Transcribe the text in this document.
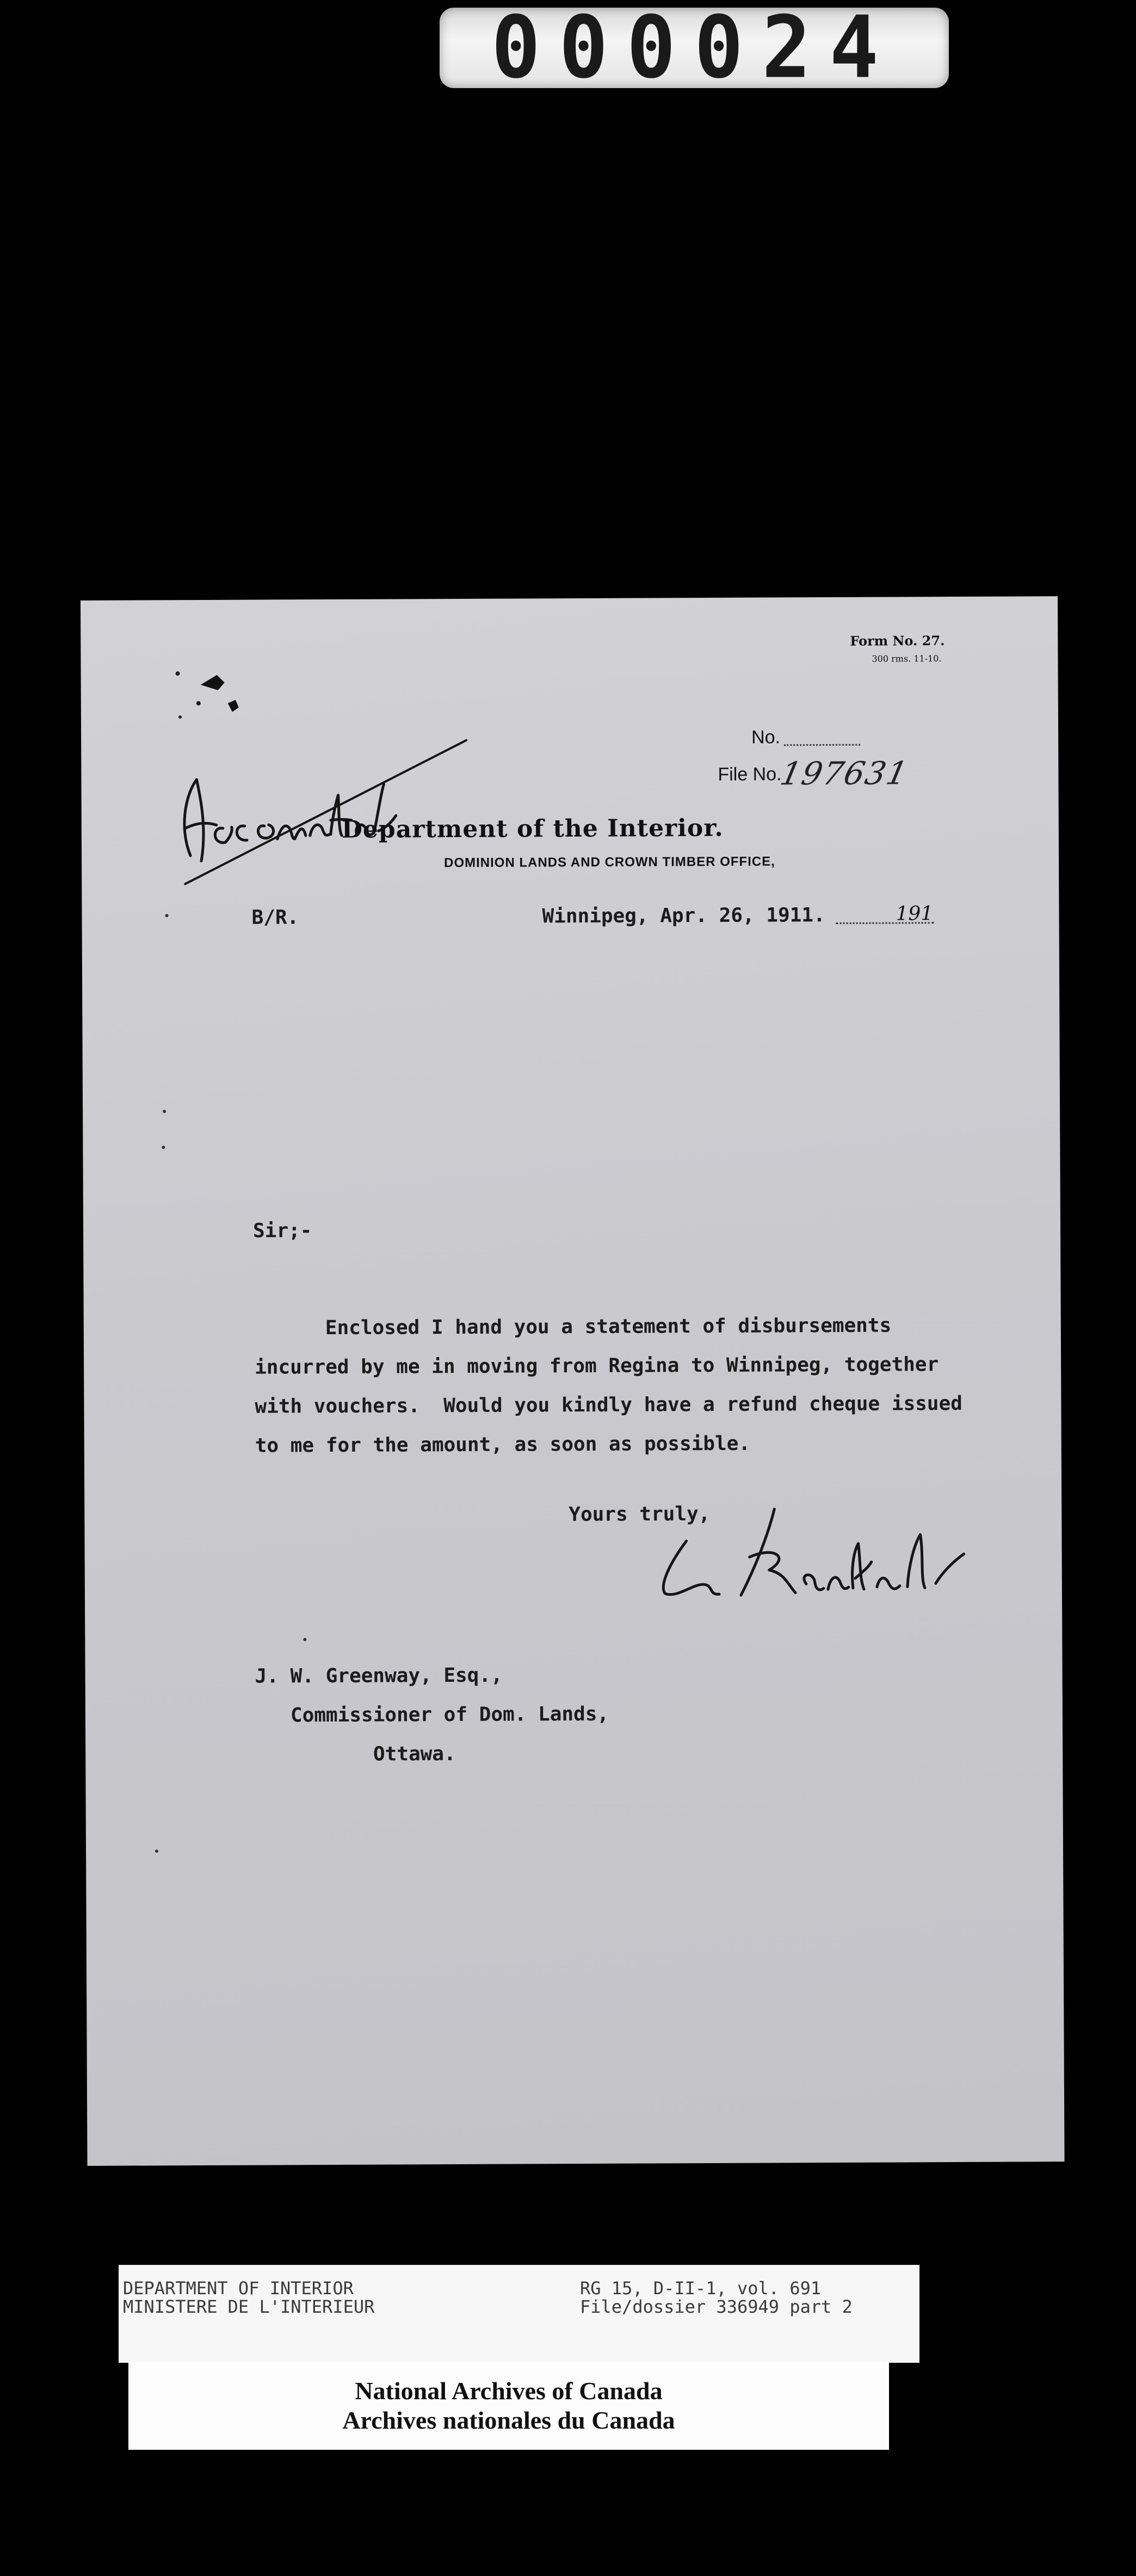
000024
Form No. 27.
300 rms. 11-10.
No.
File No.
197631
Department of the Interior.
DOMINION LANDS AND CROWN TIMBER OFFICE,
B/R.	Winnipeg, Apr. 26, 1911.	191
Sir;-
Enclosed I hand you a statement of disbursements
incurred by me in moving from Regina to Winnipeg, together
with vouchers.  Would you kindly have a refund cheque issued
to me for the amount, as soon as possible.
Yours truly,
J. W. Greenway, Esq.,
Commissioner of Dom. Lands,
Ottawa.
DEPARTMENT OF INTERIOR
MINISTERE DE L'INTERIEUR
RG 15, D-II-1, vol. 691
File/dossier 336949 part 2
National Archives of Canada
Archives nationales du Canada
